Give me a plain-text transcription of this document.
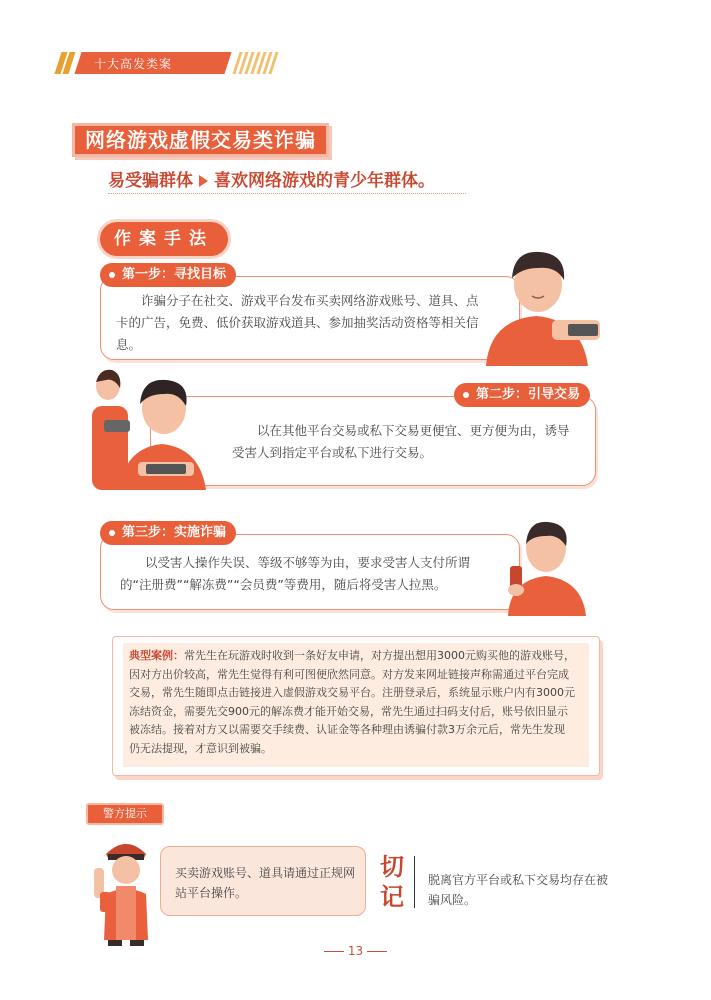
十大高发类案
网络游戏虚假交易类诈骗
易受骗群体 喜欢网络游戏的青少年群体。
作案手法
第一步：寻找目标
诈骗分子在社交、游戏平台发布买卖网络游戏账号、道具、点卡的广告，免费、低价获取游戏道具、参加抽奖活动资格等相关信息。
第二步：引导交易
以在其他平台交易或私下交易更便宜、更方便为由，诱导受害人到指定平台或私下进行交易。
第三步：实施诈骗
以受害人操作失误、等级不够等为由，要求受害人支付所谓的“注册费”“解冻费”“会员费”等费用，随后将受害人拉黑。
典型案例：常先生在玩游戏时收到一条好友申请，对方提出想用3000元购买他的游戏账号，因对方出价较高，常先生觉得有利可图便欣然同意。对方发来网址链接声称需通过平台完成交易，常先生随即点击链接进入虚假游戏交易平台。注册登录后，系统显示账户内有3000元冻结资金，需要先交900元的解冻费才能开始交易，常先生通过扫码支付后，账号依旧显示被冻结。接着对方又以需要交手续费、认证金等各种理由诱骗付款3万余元后，常先生发现仍无法提现，才意识到被骗。
警方提示

买卖游戏账号、道具请通过正规网站平台操作。

切记
脱离官方平台或私下交易均存在被骗风险。
13
